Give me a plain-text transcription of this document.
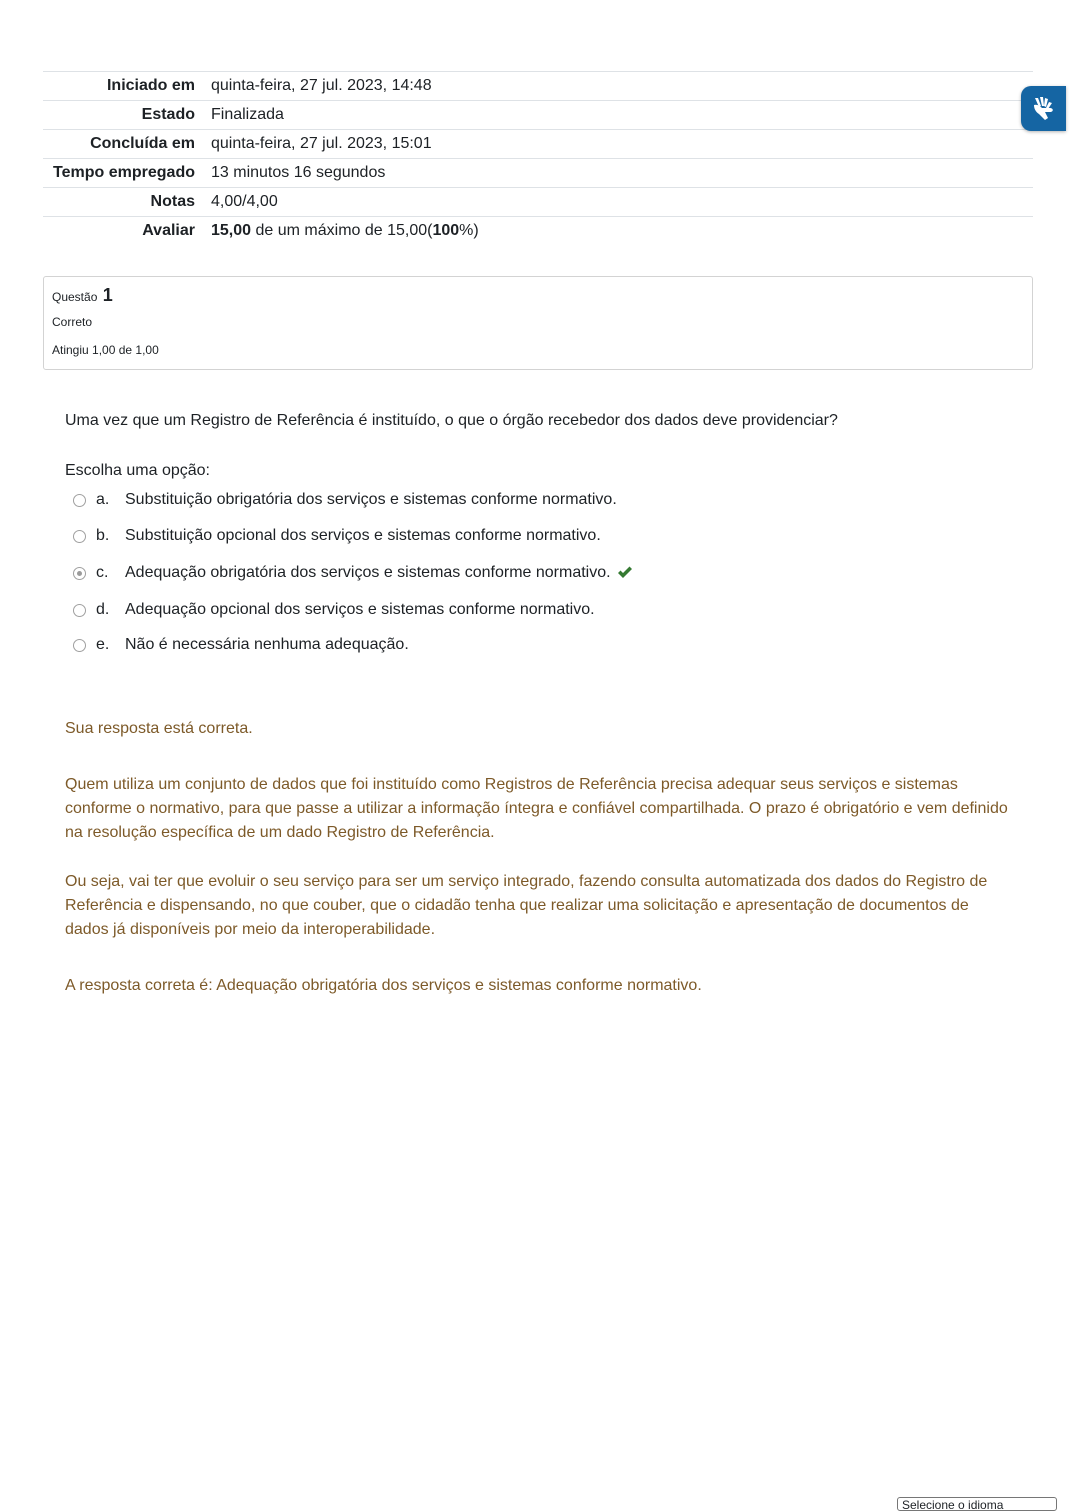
Iniciado em	quinta-feira, 27 jul. 2023, 14:48
Estado	Finalizada
Concluída em	quinta-feira, 27 jul. 2023, 15:01
Tempo empregado	13 minutos 16 segundos
Notas	4,00/4,00
Avaliar	15,00 de um máximo de 15,00(100%)
Questão 1
Correto
Atingiu 1,00 de 1,00
Uma vez que um Registro de Referência é instituído, o que o órgão recebedor dos dados deve providenciar?
Escolha uma opção:
a. Substituição obrigatória dos serviços e sistemas conforme normativo.
b. Substituição opcional dos serviços e sistemas conforme normativo.
c.	Adequação obrigatória dos serviços e sistemas conforme normativo.
d. Adequação opcional dos serviços e sistemas conforme normativo.
e. Não é necessária nenhuma adequação.
Sua resposta está correta.
Quem utiliza um conjunto de dados que foi instituído como Registros de Referência precisa adequar seus serviços e sistemas conforme o normativo, para que passe a utilizar a informação íntegra e confiável compartilhada. O prazo é obrigatório e vem definido na resolução específica de um dado Registro de Referência.
Ou seja, vai ter que evoluir o seu serviço para ser um serviço integrado, fazendo consulta automatizada dos dados do Registro de Referência e dispensando, no que couber, que o cidadão tenha que realizar uma solicitação e apresentação de documentos de dados já disponíveis por meio da interoperabilidade.
A resposta correta é: Adequação obrigatória dos serviços e sistemas conforme normativo.
Selecione o idioma
